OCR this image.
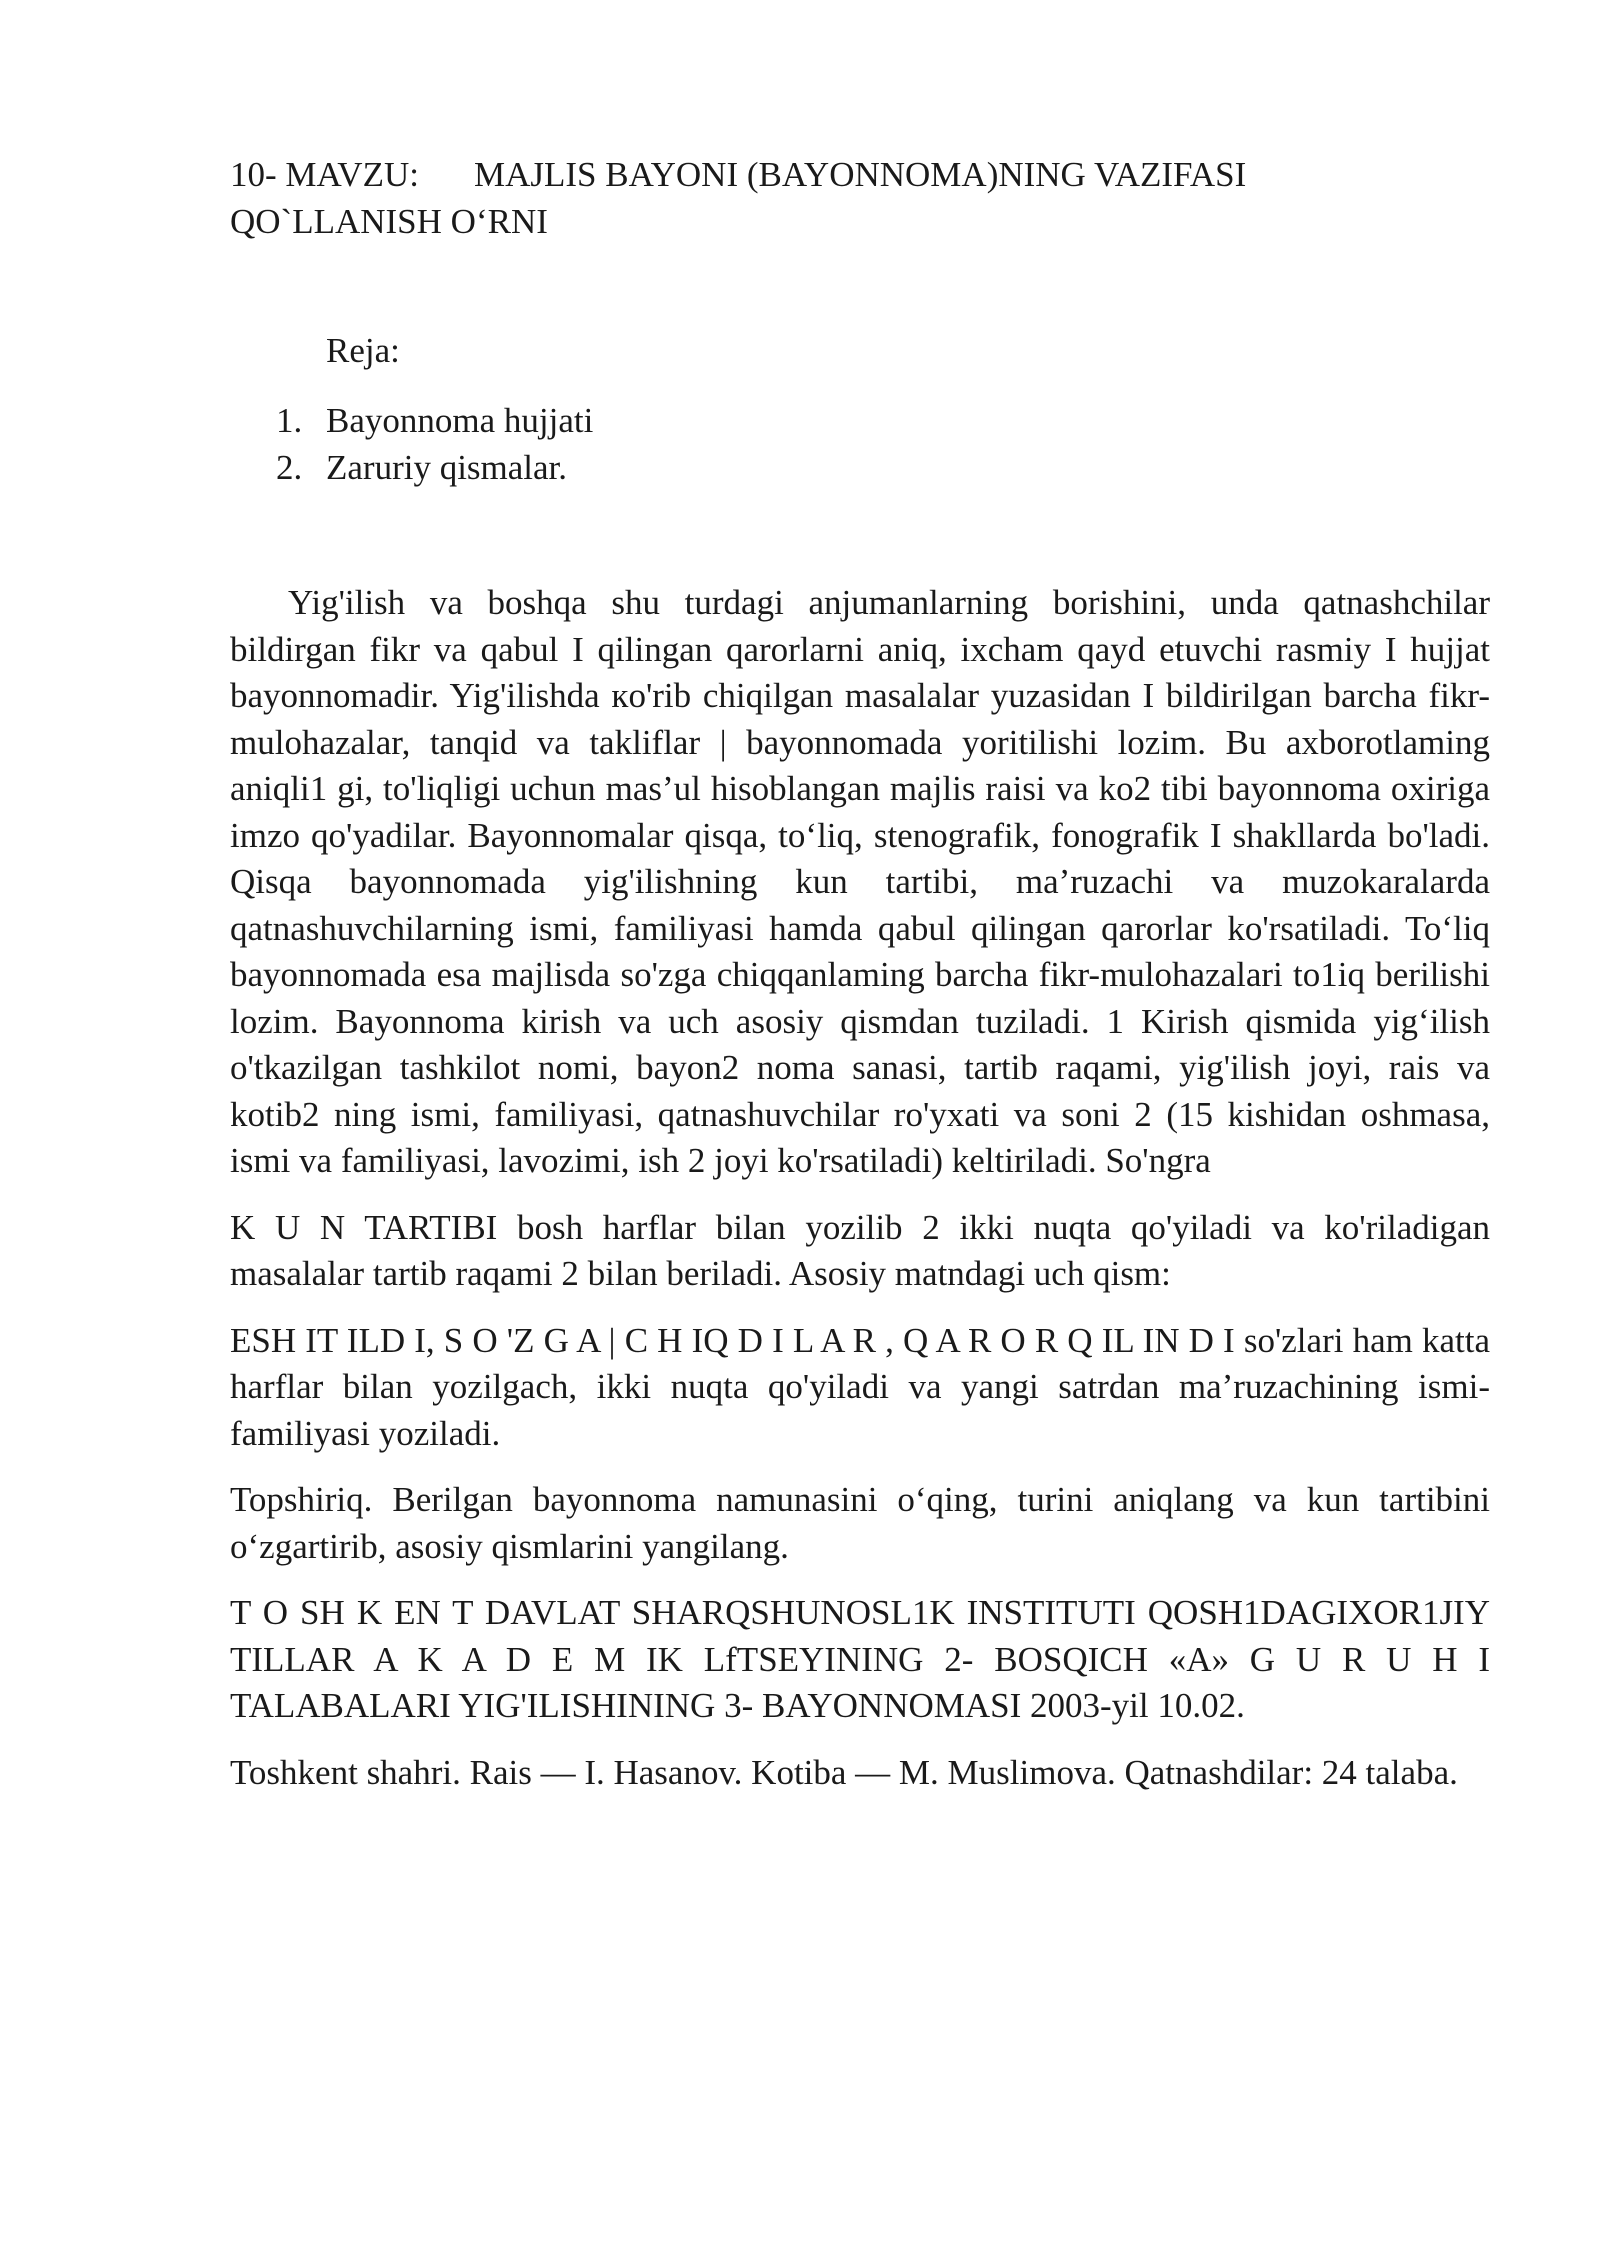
10- MAVZU: MAJLIS BAYONI (BAYONNOMA)NING VAZIFASI
QO`LLANISH O‘RNI
Reja:
1. Bayonnoma hujjati
2. Zaruriy qismalar.

Yig'ilish va boshqa shu turdagi anjumanlarning borishini, unda qatnashchilar bildirgan fikr va qabul I qilingan qarorlarni aniq, ixcham qayd etuvchi rasmiy I hujjat bayonnomadir. Yig'ilishda кo'rib chiqilgan masalalar yuzasidan I bildirilgan barcha fikr-mulohazalar, tanqid va takliflar | bayonnomada yoritilishi lozim. Bu axborotlaming aniqli1 gi, to'liqligi uchun mas’ul hisoblangan majlis raisi va ko2 tibi bayonnoma oxiriga imzo qo'yadilar. Bayonnomalar qisqa, to‘liq, stenografik, fonografik I shakllarda bo'ladi. Qisqa bayonnomada yig'ilishning kun tartibi, ma’ruzachi va muzokaralarda qatnashuvchilarning ismi, familiyasi hamda qabul qilingan qarorlar ko'rsatiladi. To‘liq bayonnomada esa majlisda so'zga chiqqanlaming barcha fikr-mulohazalari to1iq berilishi lozim. Bayonnoma kirish va uch asosiy qismdan tuziladi. 1 Kirish qismida yig‘ilish o'tkazilgan tashkilot nomi, bayon2 noma sanasi, tartib raqami, yig'ilish joyi, rais va kotib2 ning ismi, familiyasi, qatnashuvchilar ro'yxati va soni 2 (15 kishidan oshmasa, ismi va familiyasi, lavozimi, ish 2 joyi ko'rsatiladi) keltiriladi. So'ngra

K U N TARTIBI bosh harflar bilan yozilib 2 ikki nuqta qo'yiladi va ko'riladigan masalalar tartib raqami 2 bilan beriladi. Asosiy matndagi uch qism:

ESH IT ILD I, S O 'Z G A | C H IQ D I L A R , Q A R O R Q IL IN D I so'zlari ham katta harflar bilan yozilgach, ikki nuqta qo'yiladi va yangi satrdan ma’ruzachining ismi-familiyasi yoziladi.

Topshiriq. Berilgan bayonnoma namunasini o‘qing, turini aniqlang va kun tartibini o‘zgartirib, asosiy qismlarini yangilang.

T O SH K EN T DAVLAT SHARQSHUNOSL1K INSTITUTI QOSH1DAGIXOR1JIY TILLAR A K A D E M IK LfTSEYINING 2- BOSQICH «A» G U R U H I TALABALARI YIG'ILISHINING 3- BAYONNOMASI 2003-yil 10.02.

Toshkent shahri. Rais — I. Hasanov. Kotiba — M. Muslimova. Qatnashdilar: 24 talaba.
